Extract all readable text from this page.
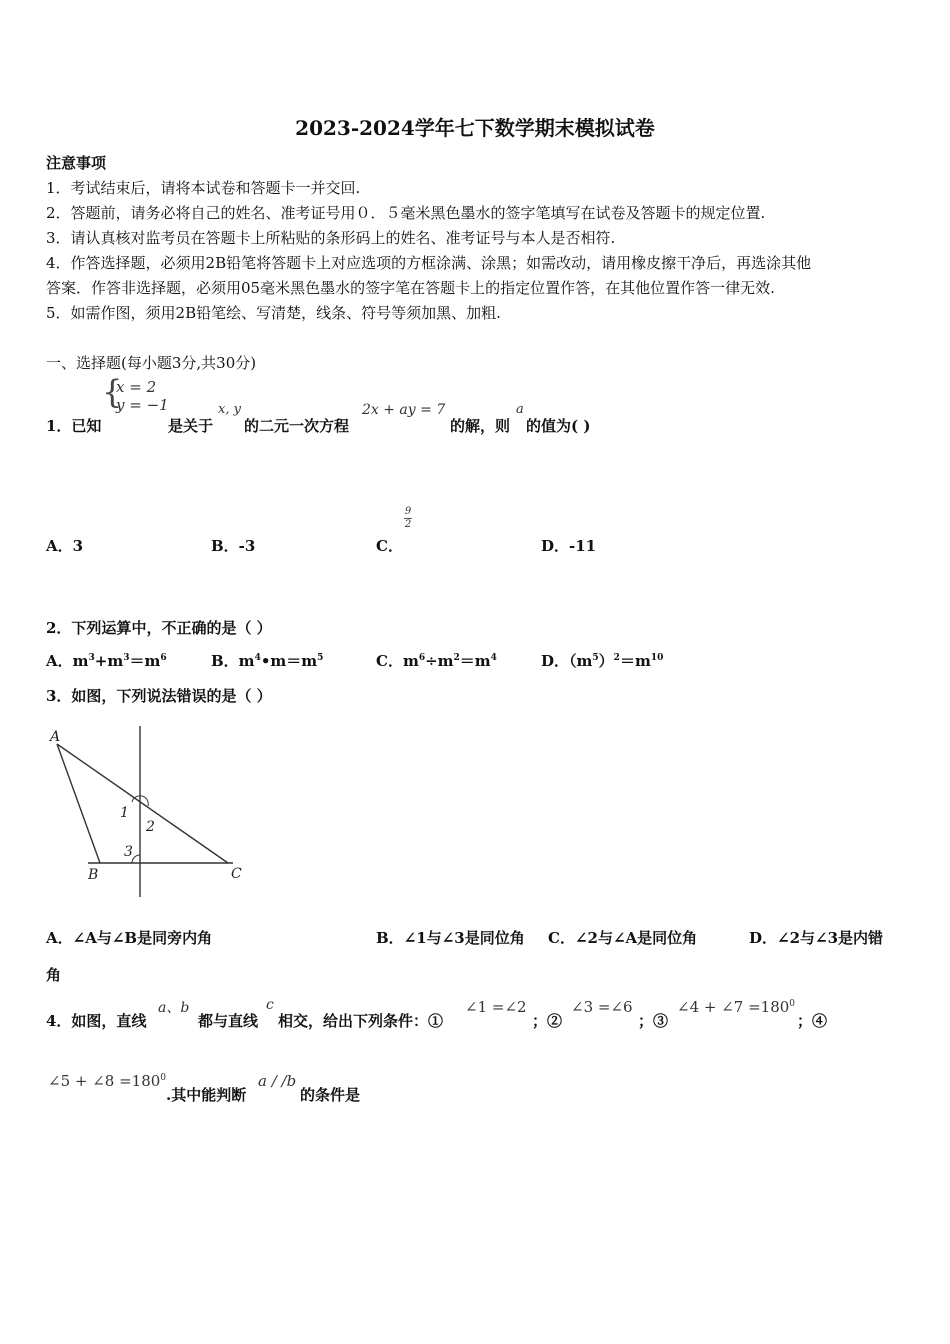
2023-2024学年七下数学期末模拟试卷
注意事项
1．考试结束后，请将本试卷和答题卡一并交回.
2．答题前，请务必将自己的姓名、准考证号用０．５毫米黑色墨水的签字笔填写在试卷及答题卡的规定位置.
3．请认真核对监考员在答题卡上所粘贴的条形码上的姓名、准考证号与本人是否相符.
4．作答选择题，必须用2B铅笔将答题卡上对应选项的方框涂满、涂黑；如需改动，请用橡皮擦干净后，再选涂其他
答案．作答非选择题，必须用05毫米黑色墨水的签字笔在答题卡上的指定位置作答，在其他位置作答一律无效.
5．如需作图，须用2B铅笔绘、写清楚，线条、符号等须加黑、加粗.
一、选择题(每小题3分,共30分)
1．已知
{
x = 2
y = −1
是关于
x, y
的二元一次方程
2x + ay = 7
的解，则
a
的值为( )
A．3	B．-3	C．
9
2
D．-11
2．下列运算中，不正确的是（ ）
A．$m^3+m^3=m^6$	B．$m^4•m=m^5$	C．$m^6\div m^2=m^4$	D．$(m^5)^2=m^{10}$
3．如图，下列说法错误的是（ ）
A
B	C
1
2
3
A．∠A与∠B是同旁内角	B．∠1与∠3是同位角 C．∠2与∠A是同位角	D．∠2与∠3是内错
角
4．如图，直线
a、b
都与直线
c
相交，给出下列条件：①
∠1 =∠2
；②
∠3 =∠6
；③
∠4 + ∠7 $=180^0$
；④
∠5 + ∠8 $=180^0$
.其中能判断
a / /b
的条件是
